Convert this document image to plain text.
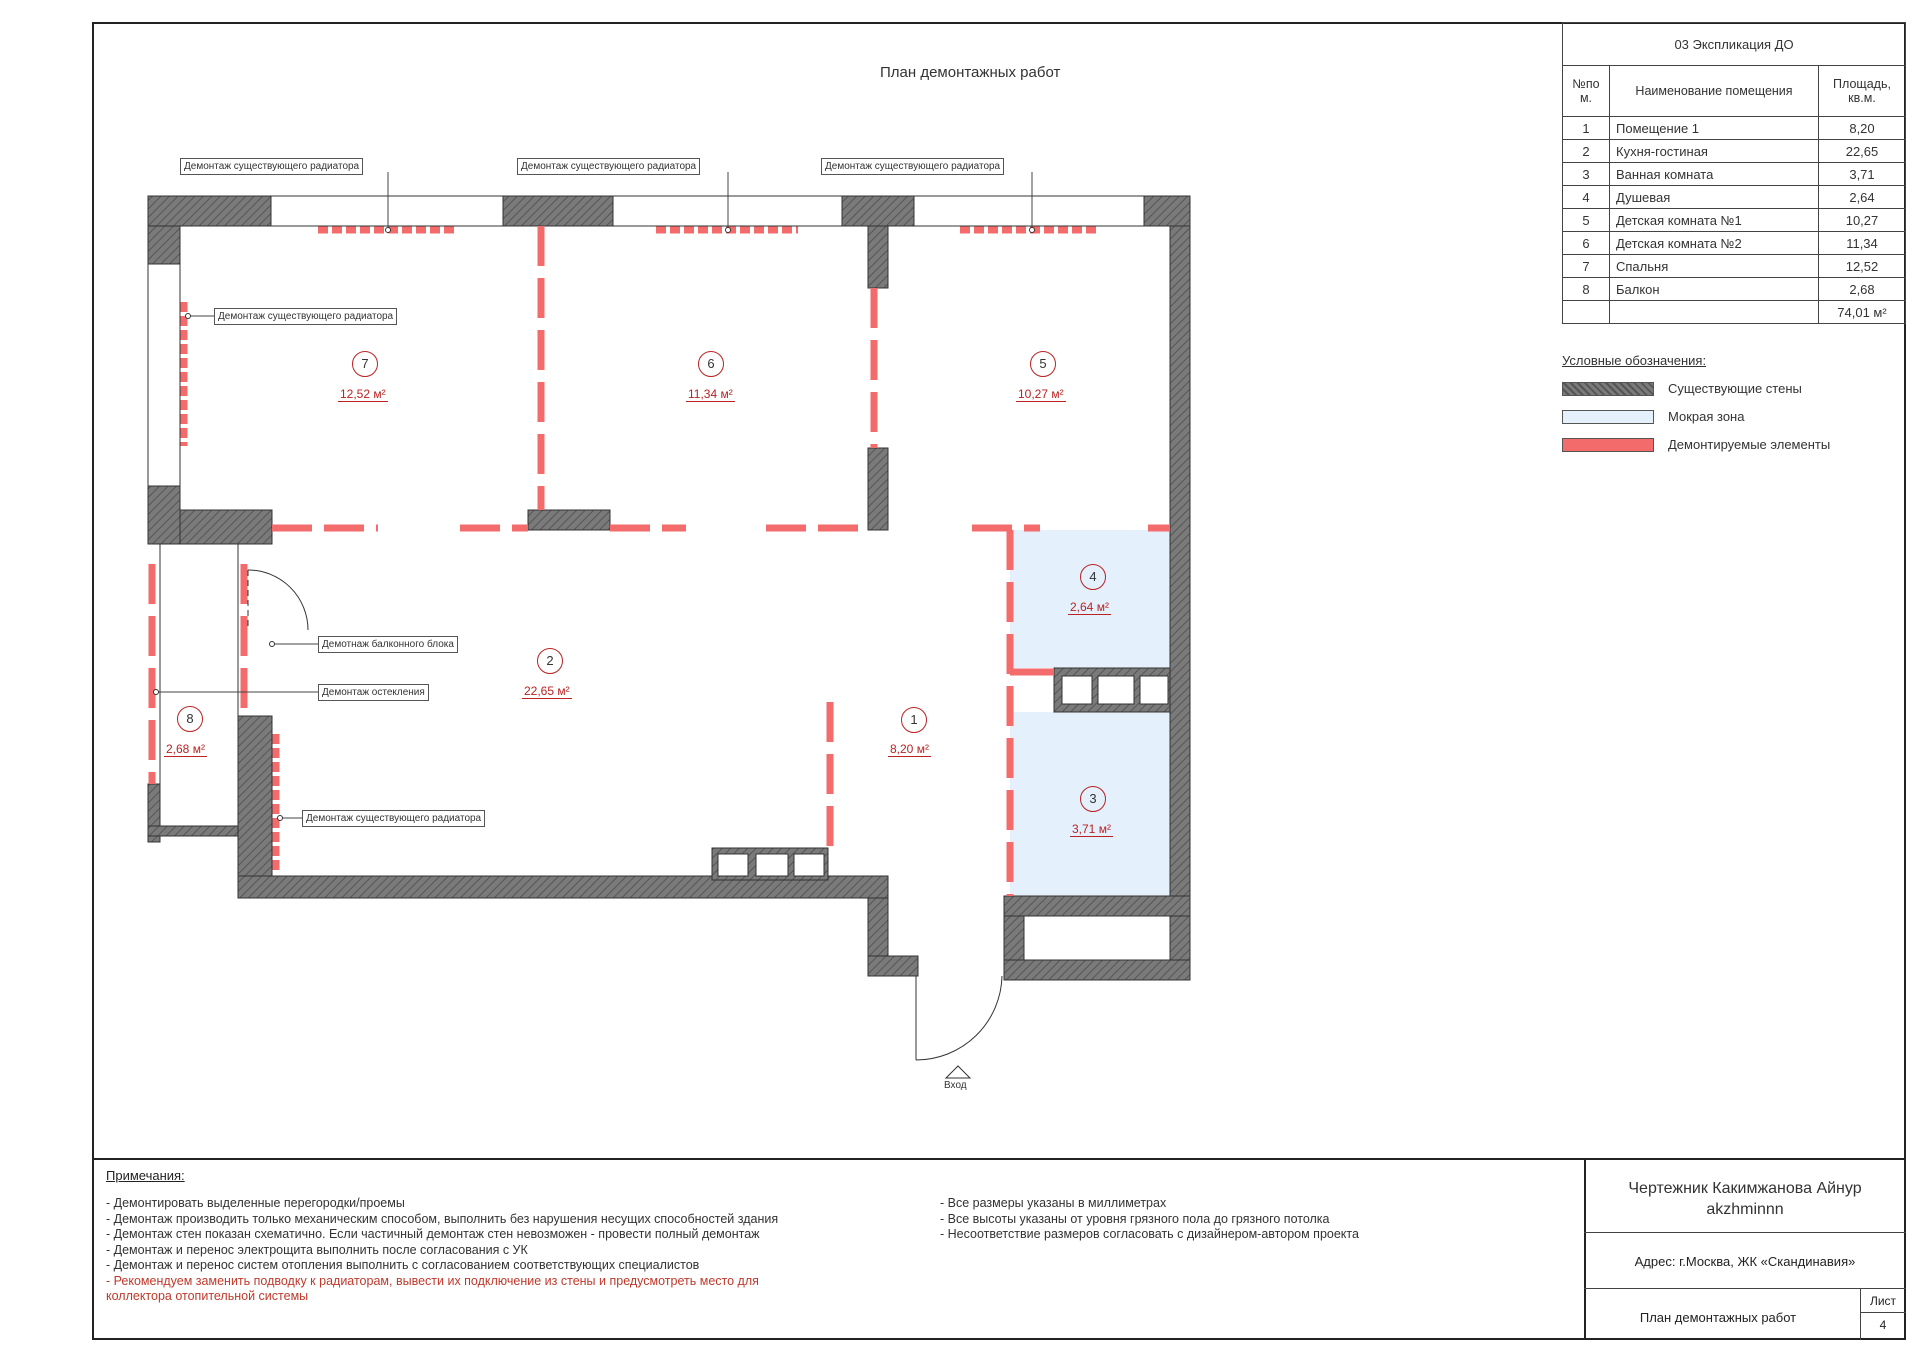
План демонтажных работ
Демонтаж существующего радиатора	Демонтаж существующего радиатора	Демонтаж существующего радиатора
Демонтаж существующего радиатора
Демотнаж балконного блока
Демонтаж остекления
Демонтаж существующего радиатора
1
8,20 м²
2
22,65 м²
3
3,71 м²
4
2,64 м²
5
10,27 м²
6
11,34 м²
7
12,52 м²
8
2,68 м²
Вход
03 Экспликация ДО		
№по м.	Наименование помещения	Площадь, кв.м.
1	Помещение 1	8,20
2	Кухня-гостиная	22,65
3	Ванная комната	3,71
4	Душевая	2,64
5	Детская комната №1	10,27
6	Детская комната №2	11,34
7	Спальня	12,52
8	Балкон	2,68
		74,01 м²
Условные обозначения:
Существующие стены
Мокрая зона
Демонтируемые элементы
Примечания:
- Демонтировать выделенные перегородки/проемы
- Демонтаж производить только механическим способом, выполнить без нарушения несущих способностей здания
- Демонтаж стен показан схематично. Если частичный демонтаж стен невозможен - провести полный демонтаж
- Демонтаж и перенос электрощита выполнить после согласования с УК
- Демонтаж и перенос систем отопления выполнить с согласованием соответствующих специалистов
- Рекомендуем заменить подводку к радиаторам, вывести их подключение из стены и предусмотреть место для
коллектора отопительной системы
- Все размеры указаны в миллиметрах
- Все высоты указаны от уровня грязного пола до грязного потолка
- Несоответствие размеров согласовать с дизайнером-автором проекта
Чертежник Какимжанова Айнур
akzhminnn
Адрес: г.Москва, ЖК «Скандинавия»
План демонтажных работ
Лист
4
